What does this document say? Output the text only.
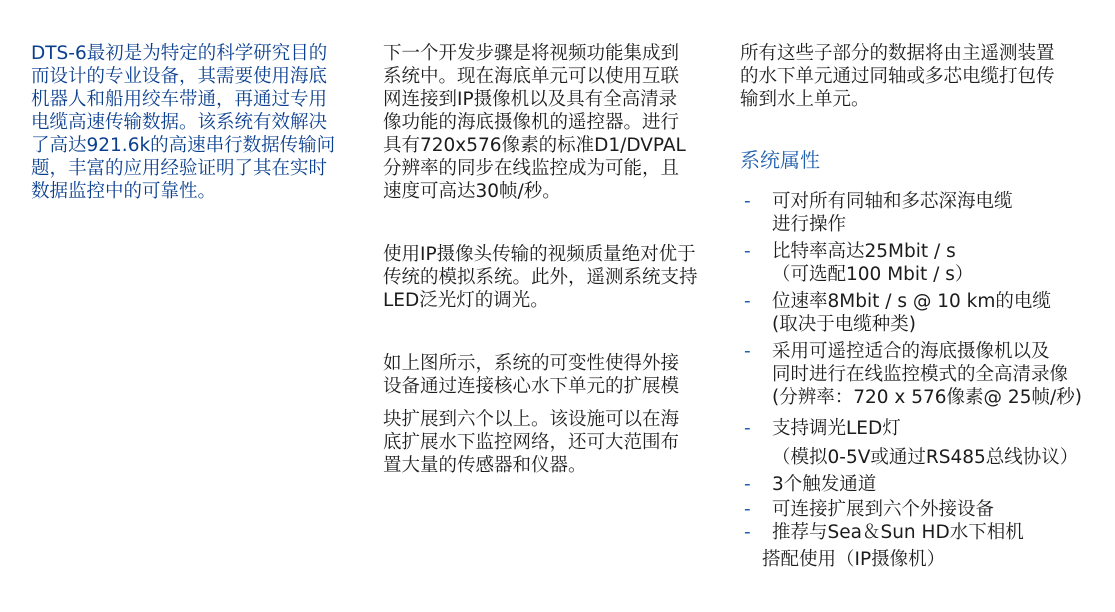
DTS-6最初是为特定的科学研究目的
而设计的专业设备，其需要使用海底
机器人和船用绞车带通，再通过专用
电缆高速传输数据。该系统有效解决
了高达921.6k的高速串行数据传输问
题，丰富的应用经验证明了其在实时
数据监控中的可靠性。

下一个开发步骤是将视频功能集成到
系统中。现在海底单元可以使用互联
网连接到IP摄像机以及具有全高清录
像功能的海底摄像机的遥控器。进行
具有720x576像素的标准D1/DVPAL
分辨率的同步在线监控成为可能，且
速度可高达30帧/秒。

使用IP摄像头传输的视频质量绝对优于
传统的模拟系统。此外，遥测系统支持
LED泛光灯的调光。

如上图所示，系统的可变性使得外接
设备通过连接核心水下单元的扩展模

块扩展到六个以上。该设施可以在海
底扩展水下监控网络，还可大范围布
置大量的传感器和仪器。

所有这些子部分的数据将由主遥测装置
的水下单元通过同轴或多芯电缆打包传
输到水上单元。

系统属性
-	可对所有同轴和多芯深海电缆
进行操作
-	比特率高达25Mbit / s
（可选配100 Mbit / s）
-	位速率8Mbit / s @ 10 km的电缆
(取决于电缆种类)
-	采用可遥控适合的海底摄像机以及
同时进行在线监控模式的全高清录像
(分辨率：720 x 576像素@ 25帧/秒)
-	支持调光LED灯
（模拟0-5V或通过RS485总线协议）
-	3个触发通道
-	可连接扩展到六个外接设备
-	推荐与Sea＆Sun HD水下相机
搭配使用（IP摄像机）
